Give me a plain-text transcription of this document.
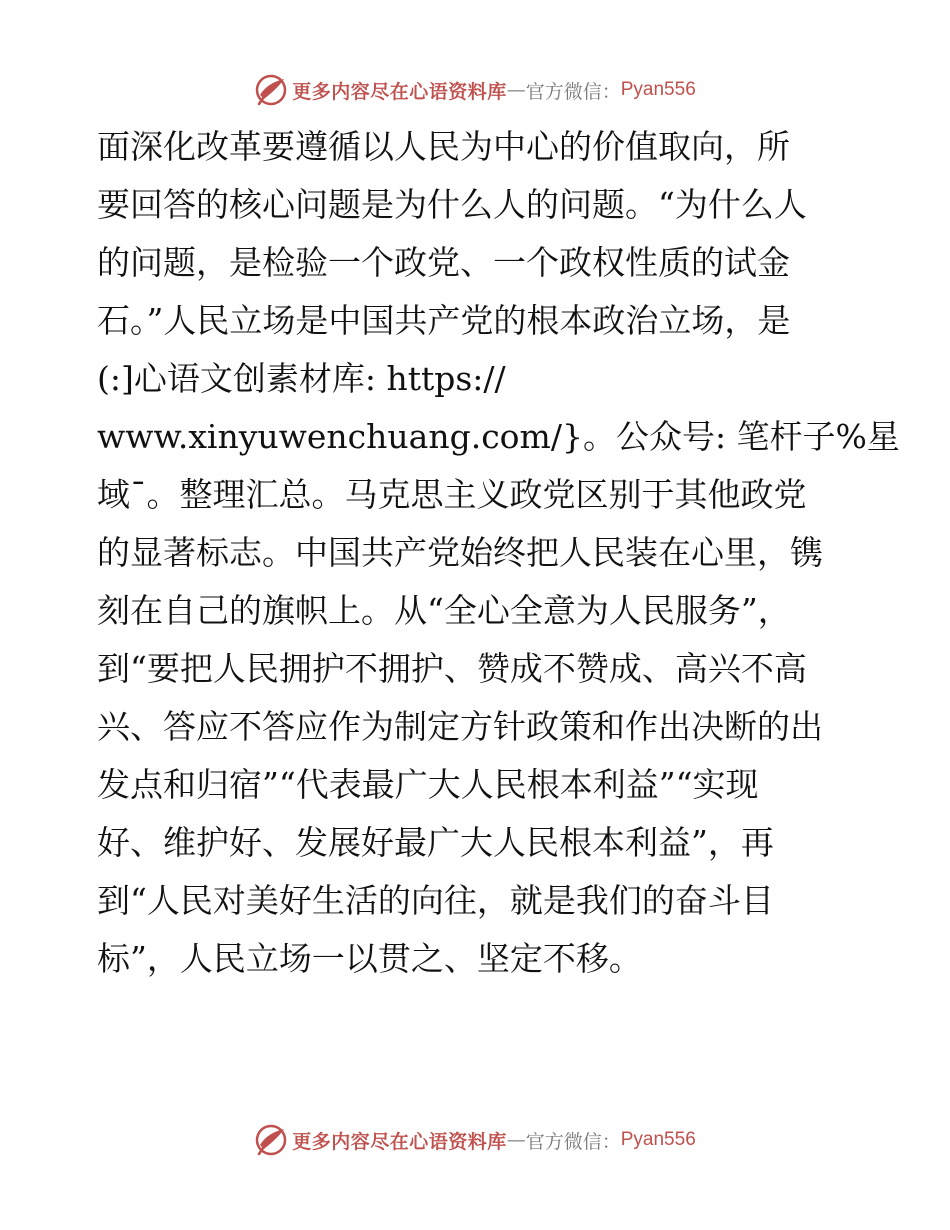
更多内容尽在心语资料库 — 官方微信： Pyan556
面深化改革要遵循以人民为中心的价值取向，所
要回答的核心问题是为什么人的问题。“为什么人
的问题，是检验一个政党、一个政权性质的试金
石。”人民立场是中国共产党的根本政治立场，是
(:]心语文创素材库: https://
www.xinyuwenchuang.com/}。公众号: 笔杆子%星
域¯。整理汇总。马克思主义政党区别于其他政党
的显著标志。中国共产党始终把人民装在心里，镌
刻在自己的旗帜上。从“全心全意为人民服务”，
到“要把人民拥护不拥护、赞成不赞成、高兴不高
兴、答应不答应作为制定方针政策和作出决断的出
发点和归宿”“代表最广大人民根本利益”“实现
好、维护好、发展好最广大人民根本利益”，再
到“人民对美好生活的向往，就是我们的奋斗目
标”，人民立场一以贯之、坚定不移。
更多内容尽在心语资料库 — 官方微信： Pyan556
